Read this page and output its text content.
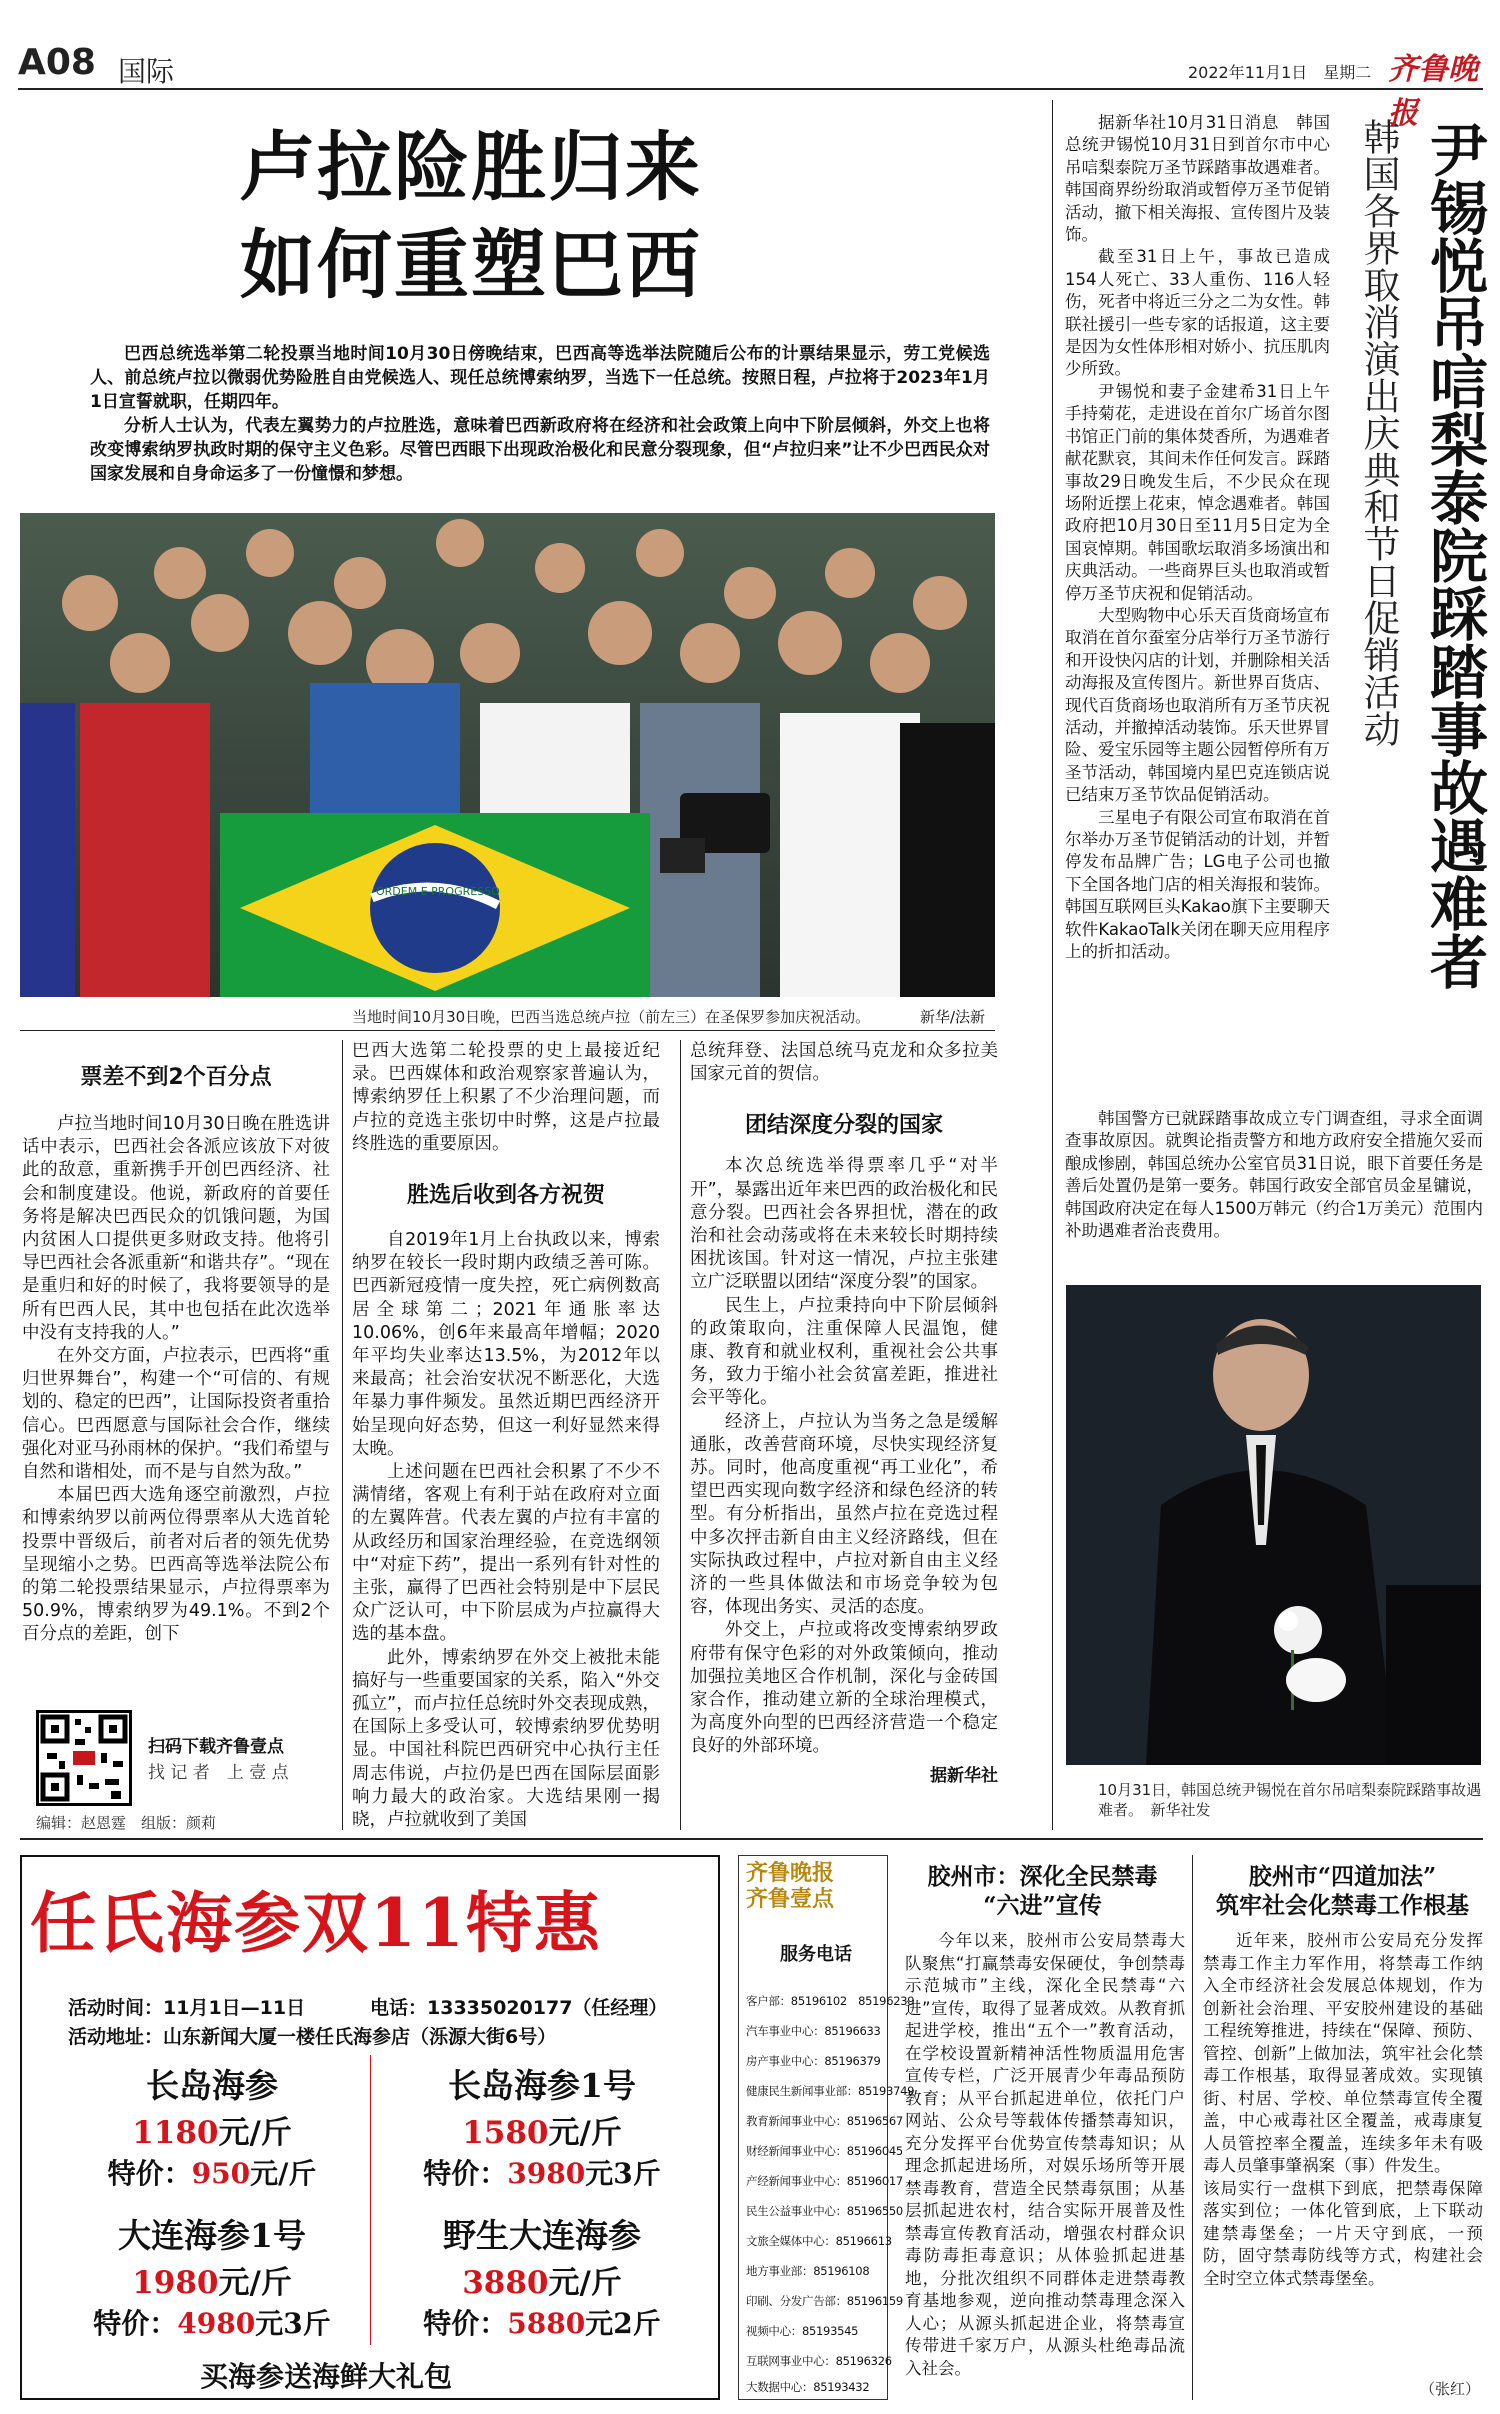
A08 国际	2022年11月1日　 星期二 齐鲁晚报
卢拉险胜归来
如何重塑巴西

巴西总统选举第二轮投票当地时间10月30日傍晚结束，巴西高等选举法院随后公布的计票结果显示，劳工党候选人、前总统卢拉以微弱优势险胜自由党候选人、现任总统博索纳罗，当选下一任总统。按照日程，卢拉将于2023年1月1日宣誓就职，任期四年。

分析人士认为，代表左翼势力的卢拉胜选，意味着巴西新政府将在经济和社会政策上向中下阶层倾斜，外交上也将改变博索纳罗执政时期的保守主义色彩。尽管巴西眼下出现政治极化和民意分裂现象，但“卢拉归来”让不少巴西民众对国家发展和自身命运多了一份憧憬和梦想。

ORDEM E PROGRESSO
当地时间10月30日晚，巴西当选总统卢拉（前左三）在圣保罗参加庆祝活动。	新华/法新
票差不到2个百分点

卢拉当地时间10月30日晚在胜选讲话中表示，巴西社会各派应该放下对彼此的敌意，重新携手开创巴西经济、社会和制度建设。他说，新政府的首要任务将是解决巴西民众的饥饿问题，为国内贫困人口提供更多财政支持。他将引导巴西社会各派重新“和谐共存”。“现在是重归和好的时候了，我将要领导的是所有巴西人民，其中也包括在此次选举中没有支持我的人。”

在外交方面，卢拉表示，巴西将“重归世界舞台”，构建一个“可信的、有规划的、稳定的巴西”，让国际投资者重拾信心。巴西愿意与国际社会合作，继续强化对亚马孙雨林的保护。“我们希望与自然和谐相处，而不是与自然为敌。”

本届巴西大选角逐空前激烈，卢拉和博索纳罗以前两位得票率从大选首轮投票中晋级后，前者对后者的领先优势呈现缩小之势。巴西高等选举法院公布的第二轮投票结果显示，卢拉得票率为50.9%，博索纳罗为49.1%。不到2个百分点的差距，创下

巴西大选第二轮投票的史上最接近纪录。巴西媒体和政治观察家普遍认为，博索纳罗任上积累了不少治理问题，而卢拉的竞选主张切中时弊，这是卢拉最终胜选的重要原因。

胜选后收到各方祝贺

自2019年1月上台执政以来，博索纳罗在较长一段时期内政绩乏善可陈。巴西新冠疫情一度失控，死亡病例数高居全球第二；2021年通胀率达10.06%，创6年来最高年增幅；2020年平均失业率达13.5%，为2012年以来最高；社会治安状况不断恶化，大选年暴力事件频发。虽然近期巴西经济开始呈现向好态势，但这一利好显然来得太晚。

上述问题在巴西社会积累了不少不满情绪，客观上有利于站在政府对立面的左翼阵营。代表左翼的卢拉有丰富的从政经历和国家治理经验，在竞选纲领中“对症下药”，提出一系列有针对性的主张，赢得了巴西社会特别是中下层民众广泛认可，中下阶层成为卢拉赢得大选的基本盘。

此外，博索纳罗在外交上被批未能搞好与一些重要国家的关系，陷入“外交孤立”，而卢拉任总统时外交表现成熟，在国际上多受认可，较博索纳罗优势明显。中国社科院巴西研究中心执行主任周志伟说，卢拉仍是巴西在国际层面影响力最大的政治家。大选结果刚一揭晓，卢拉就收到了美国

总统拜登、法国总统马克龙和众多拉美国家元首的贺信。

团结深度分裂的国家

本次总统选举得票率几乎“对半开”，暴露出近年来巴西的政治极化和民意分裂。巴西社会各界担忧，潜在的政治和社会动荡或将在未来较长时期持续困扰该国。针对这一情况，卢拉主张建立广泛联盟以团结“深度分裂”的国家。

民生上，卢拉秉持向中下阶层倾斜的政策取向，注重保障人民温饱，健康、教育和就业权利，重视社会公共事务，致力于缩小社会贫富差距，推进社会平等化。

经济上，卢拉认为当务之急是缓解通胀，改善营商环境，尽快实现经济复苏。同时，他高度重视“再工业化”，希望巴西实现向数字经济和绿色经济的转型。有分析指出，虽然卢拉在竞选过程中多次抨击新自由主义经济路线，但在实际执政过程中，卢拉对新自由主义经济的一些具体做法和市场竞争较为包容，体现出务实、灵活的态度。

外交上，卢拉或将改变博索纳罗政府带有保守色彩的对外政策倾向，推动加强拉美地区合作机制，深化与金砖国家合作，推动建立新的全球治理模式，为高度外向型的巴西经济营造一个稳定良好的外部环境。

据新华社
扫码下载齐鲁壹点
找 记 者　上 壹 点
编辑：赵恩霆　组版：颜莉
尹锡悦吊唁梨泰院踩踏事故遇难者
韩国各界取消演出庆典和节日促销活动

据新华社10月31日消息　韩国总统尹锡悦10月31日到首尔市中心吊唁梨泰院万圣节踩踏事故遇难者。韩国商界纷纷取消或暂停万圣节促销活动，撤下相关海报、宣传图片及装饰。

截至31日上午，事故已造成154人死亡、33人重伤、116人轻伤，死者中将近三分之二为女性。韩联社援引一些专家的话报道，这主要是因为女性体形相对娇小、抗压肌肉少所致。

尹锡悦和妻子金建希31日上午手持菊花，走进设在首尔广场首尔图书馆正门前的集体焚香所，为遇难者献花默哀，其间未作任何发言。踩踏事故29日晚发生后，不少民众在现场附近摆上花束，悼念遇难者。韩国政府把10月30日至11月5日定为全国哀悼期。韩国歌坛取消多场演出和庆典活动。一些商界巨头也取消或暂停万圣节庆祝和促销活动。

大型购物中心乐天百货商场宣布取消在首尔蚕室分店举行万圣节游行和开设快闪店的计划，并删除相关活动海报及宣传图片。新世界百货店、现代百货商场也取消所有万圣节庆祝活动，并撤掉活动装饰。乐天世界冒险、爱宝乐园等主题公园暂停所有万圣节活动，韩国境内星巴克连锁店说已结束万圣节饮品促销活动。

三星电子有限公司宣布取消在首尔举办万圣节促销活动的计划，并暂停发布品牌广告；LG电子公司也撤下全国各地门店的相关海报和装饰。韩国互联网巨头Kakao旗下主要聊天软件KakaoTalk关闭在聊天应用程序上的折扣活动。

韩国警方已就踩踏事故成立专门调查组，寻求全面调查事故原因。就舆论指责警方和地方政府安全措施欠妥而酿成惨剧，韩国总统办公室官员31日说，眼下首要任务是善后处置仍是第一要务。韩国行政安全部官员金星镛说，韩国政府决定在每人1500万韩元（约合1万美元）范围内补助遇难者治丧费用。

10月31日，韩国总统尹锡悦在首尔吊唁梨泰院踩踏事故遇难者。　新华社发
任氏海参双11特惠
活动时间：11月1日—11日	电话：13335020177（任经理）
活动地址：山东新闻大厦一楼任氏海参店（泺源大街6号）
长岛海参
1180元/斤
特价：950元/斤
长岛海参1号
1580元/斤
特价：3980元3斤
大连海参1号
1980元/斤
特价：4980元3斤
野生大连海参
3880元/斤
特价：5880元2斤
买海参送海鲜大礼包
齐鲁晚报
齐鲁壹点
服务电话
客户部：85196102　85196239
汽车事业中心：85196633
房产事业中心：85196379
健康民生新闻事业部：85193749
教育新闻事业中心：85196567
财经新闻事业中心：85196045
产经新闻事业中心：85196017
民生公益事业中心：85196550
文旅全媒体中心：85196613
地方事业部：85196108
印刷、分发广告部：85196159
视频中心：85193545
互联网事业中心：85196326
大数据中心：85193432
胶州市：深化全民禁毒
“六进”宣传
今年以来，胶州市公安局禁毒大队聚焦“打赢禁毒安保硬仗，争创禁毒示范城市”主线，深化全民禁毒“六进”宣传，取得了显著成效。从教育抓起进学校，推出“五个一”教育活动，在学校设置新精神活性物质温用危害宣传专栏，广泛开展青少年毒品预防教育；从平台抓起进单位，依托门户网站、公众号等载体传播禁毒知识，充分发挥平台优势宣传禁毒知识；从理念抓起进场所，对娱乐场所等开展禁毒教育，营造全民禁毒氛围；从基层抓起进农村，结合实际开展普及性禁毒宣传教育活动，增强农村群众识毒防毒拒毒意识；从体验抓起进基地，分批次组织不同群体走进禁毒教育基地参观，逆向推动禁毒理念深入人心；从源头抓起进企业，将禁毒宣传带进千家万户，从源头杜绝毒品流入社会。
胶州市“四道加法”
筑牢社会化禁毒工作根基
近年来，胶州市公安局充分发挥禁毒工作主力军作用，将禁毒工作纳入全市经济社会发展总体规划，作为创新社会治理、平安胶州建设的基础工程统筹推进，持续在“保障、预防、管控、创新”上做加法，筑牢社会化禁毒工作根基，取得显著成效。实现镇街、村居、学校、单位禁毒宣传全覆盖，中心戒毒社区全覆盖，戒毒康复人员管控率全覆盖，连续多年未有吸毒人员肇事肇祸案（事）件发生。
该局实行一盘棋下到底，把禁毒保障落实到位；一体化管到底，上下联动建禁毒堡垒；一片天守到底，一预防，固守禁毒防线等方式，构建社会全时空立体式禁毒堡垒。
（张红）
